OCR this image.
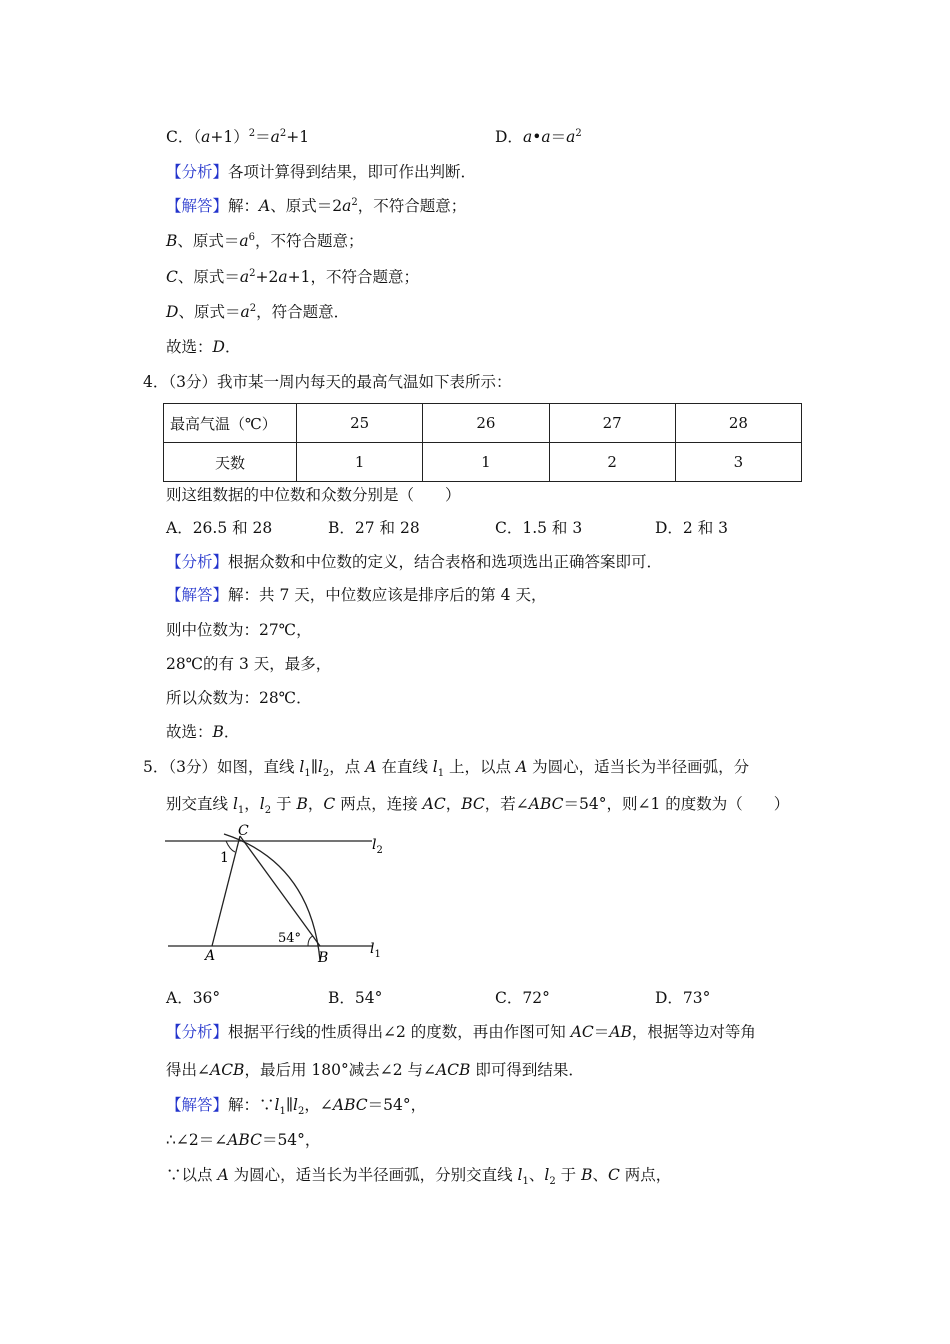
C．$(a+1)^2=a^2+1$	D．$a•a=a^2$
【分析】各项计算得到结果，即可作出判断．
【解答】解：A、原式$=2a^2$，不符合题意；
B、原式$=a^6$，不符合题意；
C、原式$=a^2+2a+1$，不符合题意；
D、原式$=a^2$，符合题意．
故选：D．
4．（3分）我市某一周内每天的最高气温如下表所示：
最高气温（℃）	25	26	27	28
天数	1	1	2	3
则这组数据的中位数和众数分别是（　　）
A．26.5 和 28	B．27 和 28	C．1.5 和 3	D．2 和 3
【分析】根据众数和中位数的定义，结合表格和选项选出正确答案即可．
【解答】解：共 7 天，中位数应该是排序后的第 4 天，
则中位数为：27℃，
28℃的有 3 天，最多，
所以众数为：28℃．
故选：B．
5．（3分）如图，直线 $l_1\parallel l_2$，点 A 在直线 $l_1$ 上，以点 A 为圆心，适当长为半径画弧，分
别交直线 $l_1$，$l_2$ 于 B，C 两点，连接 AC，BC，若∠ABC＝54°，则∠1 的度数为（　　）
C
$l_2$
1
54°
A	B
$l_1$
A．36°	B．54°	C．72°	D．73°
【分析】根据平行线的性质得出∠2 的度数，再由作图可知 AC＝AB，根据等边对等角
得出∠ACB，最后用 180°减去∠2 与∠ACB 即可得到结果．
【解答】解：$\because l_1\parallel l_2$，∠ABC＝54°，
∴∠2＝∠ABC＝54°，
∵以点 A 为圆心，适当长为半径画弧，分别交直线 $l_1$、$l_2$ 于 B、C 两点，
